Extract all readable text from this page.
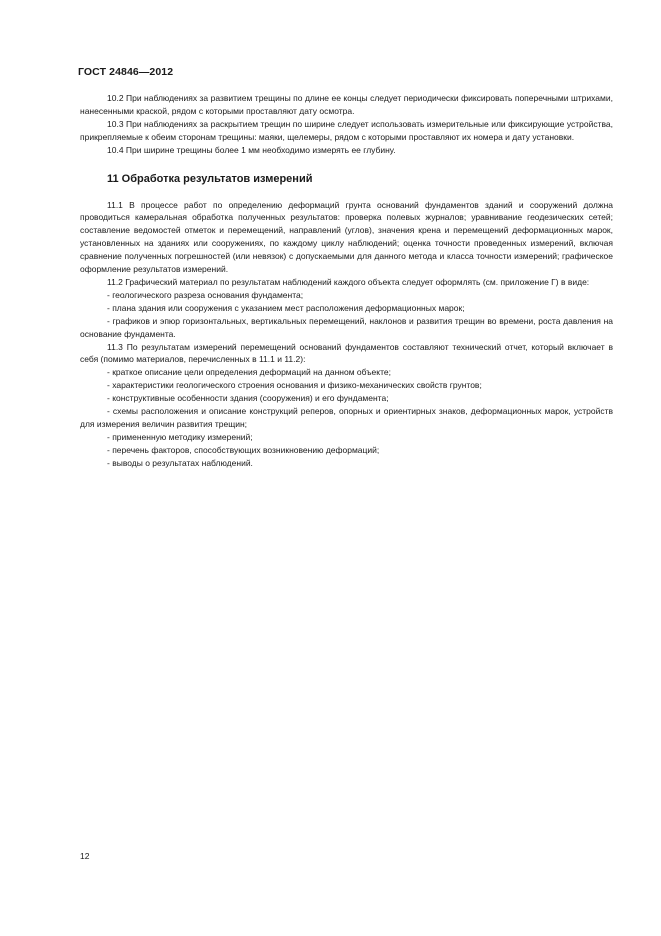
ГОСТ 24846—2012

10.2 При наблюдениях за развитием трещины по длине ее концы следует периодически фиксировать поперечными штрихами, нанесенными краской, рядом с которыми проставляют дату осмотра.

10.3 При наблюдениях за раскрытием трещин по ширине следует использовать измерительные или фиксирующие устройства, прикрепляемые к обеим сторонам трещины: маяки, щелемеры, рядом с которыми проставляют их номера и дату установки.

10.4 При ширине трещины более 1 мм необходимо измерять ее глубину.

11 Обработка результатов измерений

11.1 В процессе работ по определению деформаций грунта оснований фундаментов зданий и сооружений должна проводиться камеральная обработка полученных результатов: проверка полевых журналов; уравнивание геодезических сетей; составление ведомостей отметок и перемещений, направлений (углов), значения крена и перемещений деформационных марок, установленных на зданиях или сооружениях, по каждому циклу наблюдений; оценка точности проведенных измерений, включая сравнение полученных погрешностей (или невязок) с допускаемыми для данного метода и класса точности измерений; графическое оформление результатов измерений.

11.2 Графический материал по результатам наблюдений каждого объекта следует оформлять (см. приложение Г) в виде:

- геологического разреза основания фундамента;

- плана здания или сооружения с указанием мест расположения деформационных марок;

- графиков и эпюр горизонтальных, вертикальных перемещений, наклонов и развития трещин во времени, роста давления на основание фундамента.

11.3 По результатам измерений перемещений оснований фундаментов составляют технический отчет, который включает в себя (помимо материалов, перечисленных в 11.1 и 11.2):

- краткое описание цели определения деформаций на данном объекте;

- характеристики геологического строения основания и физико-механических свойств грунтов;

- конструктивные особенности здания (сооружения) и его фундамента;

- схемы расположения и описание конструкций реперов, опорных и ориентирных знаков, деформационных марок, устройств для измерения величин развития трещин;

- примененную методику измерений;

- перечень факторов, способствующих возникновению деформаций;

- выводы о результатах наблюдений.

12
